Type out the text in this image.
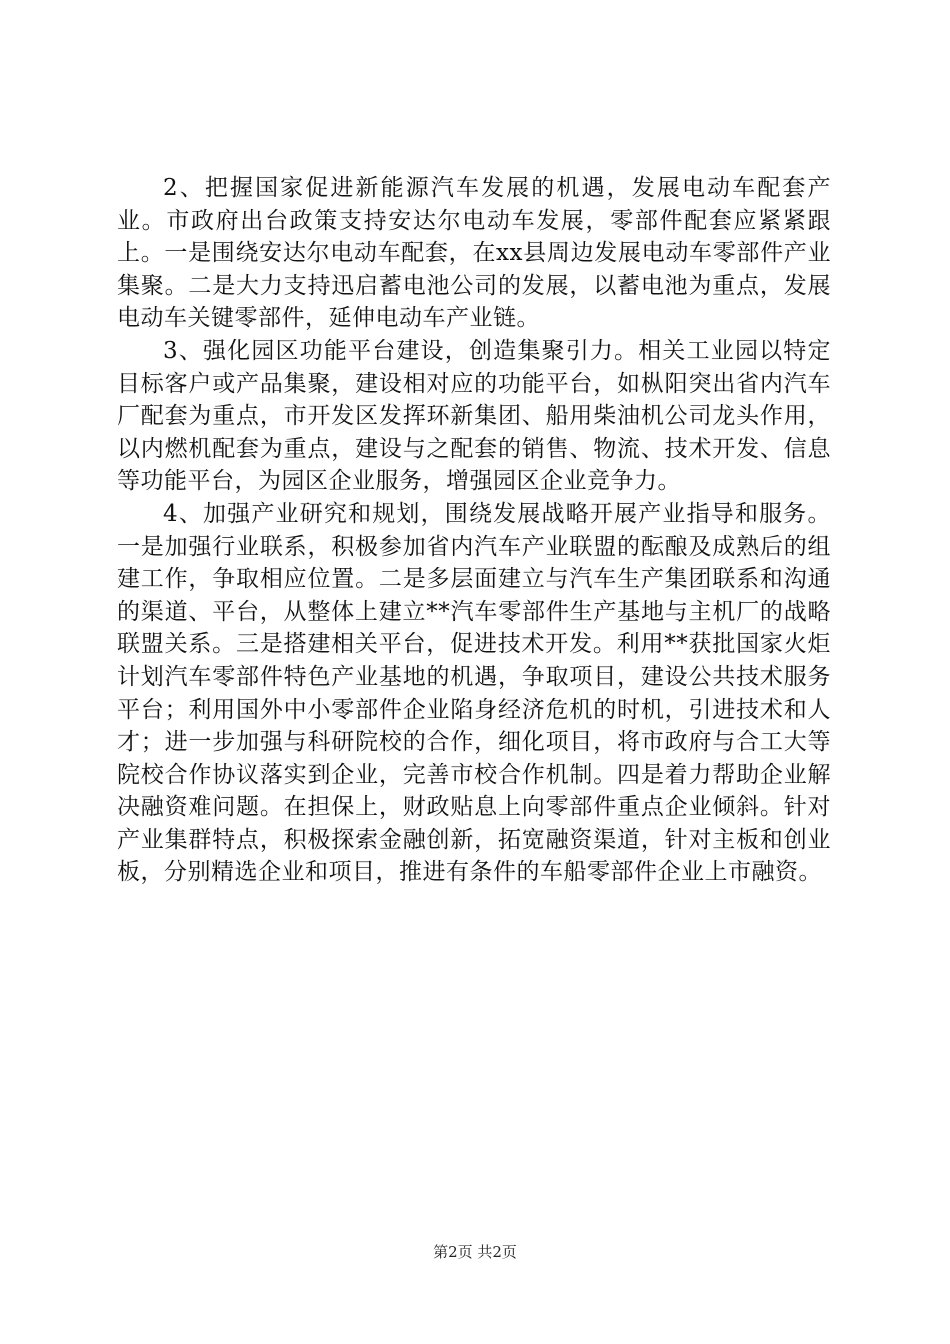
2、把握国家促进新能源汽车发展的机遇，发展电动车配套产业。市政府出台政策支持安达尔电动车发展，零部件配套应紧紧跟上。一是围绕安达尔电动车配套，在xx县周边发展电动车零部件产业集聚。二是大力支持迅启蓄电池公司的发展，以蓄电池为重点，发展电动车关键零部件，延伸电动车产业链。

3、强化园区功能平台建设，创造集聚引力。相关工业园以特定目标客户或产品集聚，建设相对应的功能平台，如枞阳突出省内汽车厂配套为重点，市开发区发挥环新集团、船用柴油机公司龙头作用，以内燃机配套为重点，建设与之配套的销售、物流、技术开发、信息等功能平台，为园区企业服务，增强园区企业竞争力。

4、加强产业研究和规划，围绕发展战略开展产业指导和服务。一是加强行业联系，积极参加省内汽车产业联盟的酝酿及成熟后的组建工作，争取相应位置。二是多层面建立与汽车生产集团联系和沟通的渠道、平台，从整体上建立**汽车零部件生产基地与主机厂的战略联盟关系。三是搭建相关平台，促进技术开发。利用**获批国家火炬计划汽车零部件特色产业基地的机遇，争取项目，建设公共技术服务平台；利用国外中小零部件企业陷身经济危机的时机，引进技术和人才；进一步加强与科研院校的合作，细化项目，将市政府与合工大等院校合作协议落实到企业，完善市校合作机制。四是着力帮助企业解决融资难问题。在担保上，财政贴息上向零部件重点企业倾斜。针对产业集群特点，积极探索金融创新，拓宽融资渠道，针对主板和创业板，分别精选企业和项目，推进有条件的车船零部件企业上市融资。

第2页 共2页
